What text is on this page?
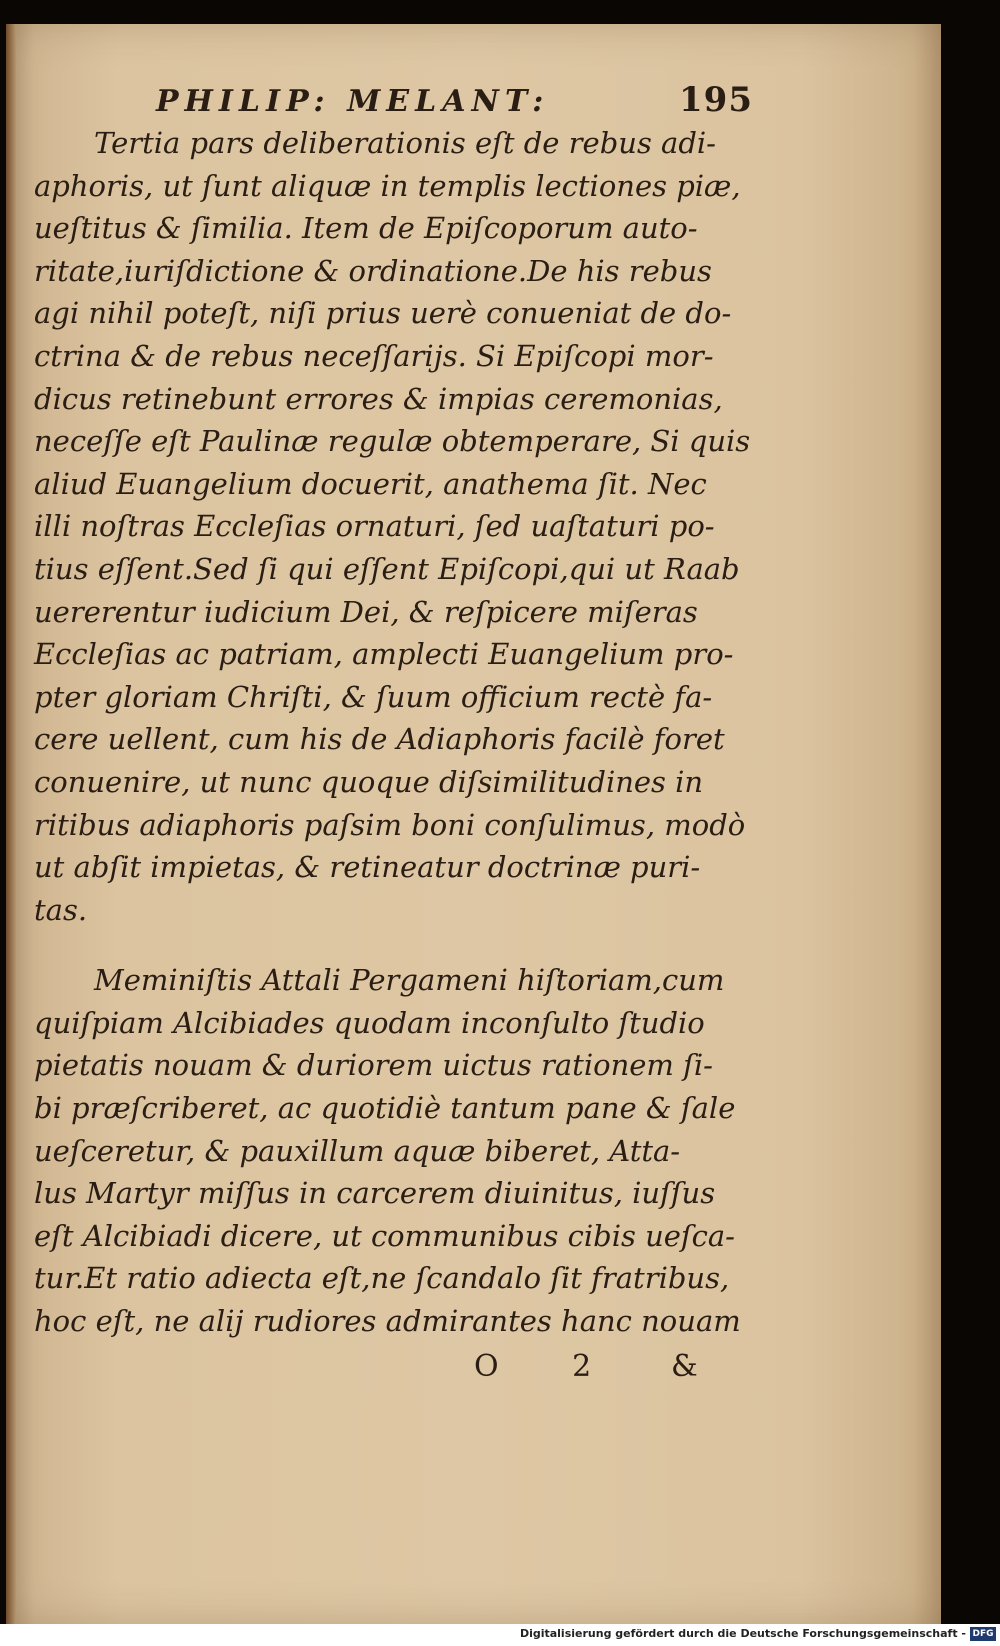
PHILIP: MELANT:	195

Tertia pars deliberationis eſt de rebus adi-
aphoris, ut ſunt aliquæ in templis lectiones piæ,
ueſtitus & ſimilia. Item de Epiſcoporum auto-
ritate,iuriſdictione & ordinatione.De his rebus
agi nihil poteſt, niſi prius uerè conueniat de do-
ctrina & de rebus neceſſarijs. Si Epiſcopi mor-
dicus retinebunt errores & impias ceremonias,
neceſſe eſt Paulinæ regulæ obtemperare, Si quis
aliud Euangelium docuerit, anathema ſit. Nec
illi noſtras Eccleſias ornaturi, ſed uaſtaturi po-
tius eſſent.Sed ſi qui eſſent Epiſcopi,qui ut Raab
uererentur iudicium Dei, & reſpicere miſeras
Eccleſias ac patriam, amplecti Euangelium pro-
pter gloriam Chriſti, & ſuum officium rectè fa-
cere uellent, cum his de Adiaphoris facilè foret
conuenire, ut nunc quoque diſsimilitudines in
ritibus adiaphoris paſsim boni conſulimus, modò
ut abſit impietas, & retineatur doctrinæ puri-
tas.

Meminiſtis Attali Pergameni hiſtoriam,cum
quiſpiam Alcibiades quodam inconſulto ſtudio
pietatis nouam & duriorem uictus rationem ſi-
bi præſcriberet, ac quotidiè tantum pane & ſale
ueſceretur, & pauxillum aquæ biberet, Atta-
lus Martyr miſſus in carcerem diuinitus, iuſſus
eſt Alcibiadi dicere, ut communibus cibis ueſca-
tur.Et ratio adiecta eſt,ne ſcandalo ſit fratribus,
hoc eſt, ne alij rudiores admirantes hanc nouam

O 2 &
Digitalisierung gefördert durch die Deutsche Forschungsgemeinschaft - DFG
